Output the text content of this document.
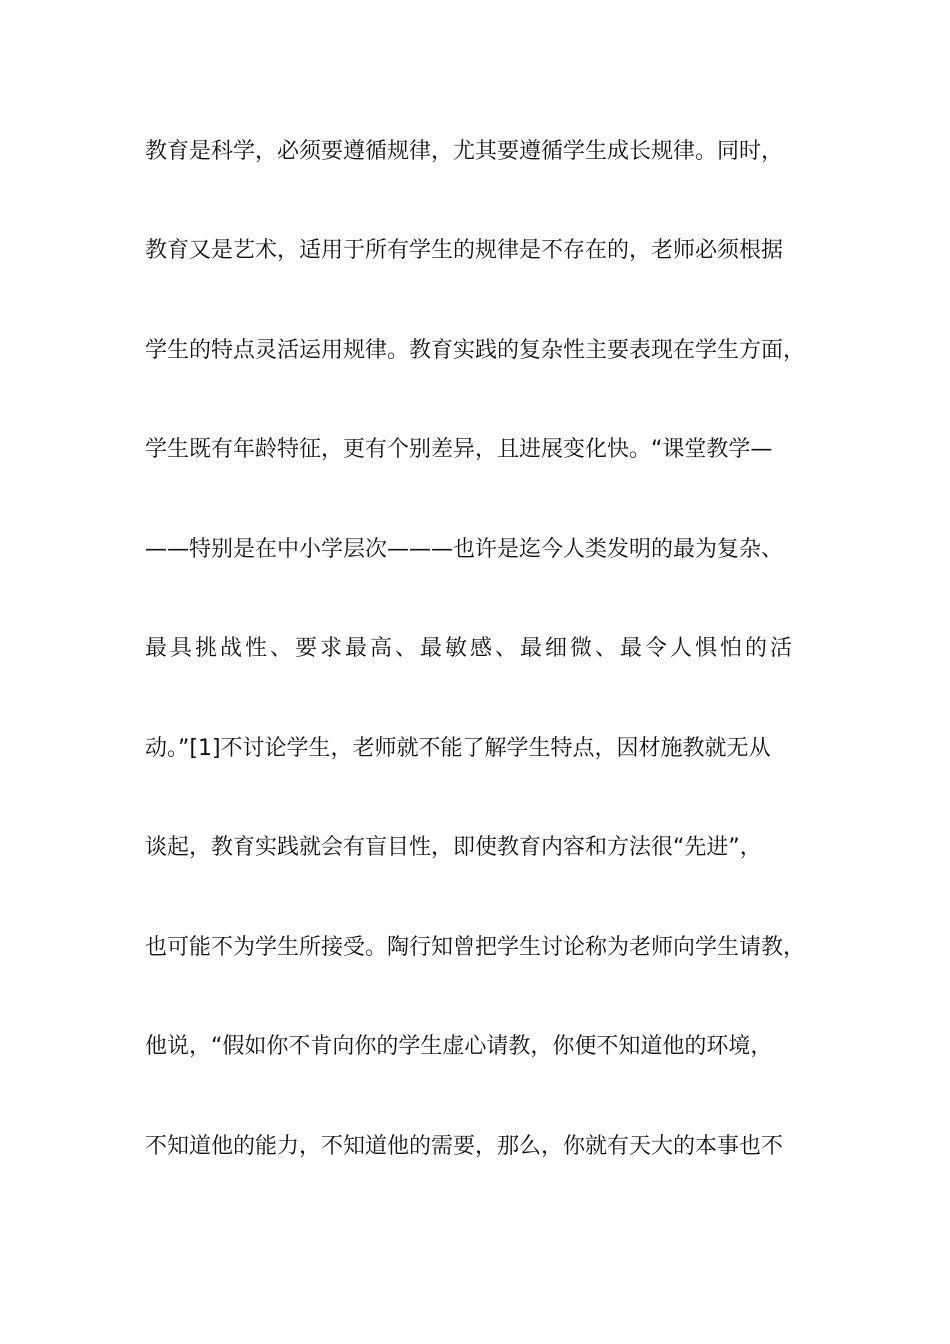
教育是科学，必须要遵循规律，尤其要遵循学生成长规律。同时，
教育又是艺术，适用于所有学生的规律是不存在的，老师必须根据
学生的特点灵活运用规律。教育实践的复杂性主要表现在学生方面，
学生既有年龄特征，更有个别差异，且进展变化快。“课堂教学—
——特别是在中小学层次———也许是迄今人类发明的最为复杂、
最具挑战性、要求最高、最敏感、最细微、最令人惧怕的活
动。”[1]不讨论学生，老师就不能了解学生特点，因材施教就无从
谈起，教育实践就会有盲目性，即使教育内容和方法很“先进”，
也可能不为学生所接受。陶行知曾把学生讨论称为老师向学生请教，
他说，“假如你不肯向你的学生虚心请教，你便不知道他的环境，
不知道他的能力，不知道他的需要，那么，你就有天大的本事也不
